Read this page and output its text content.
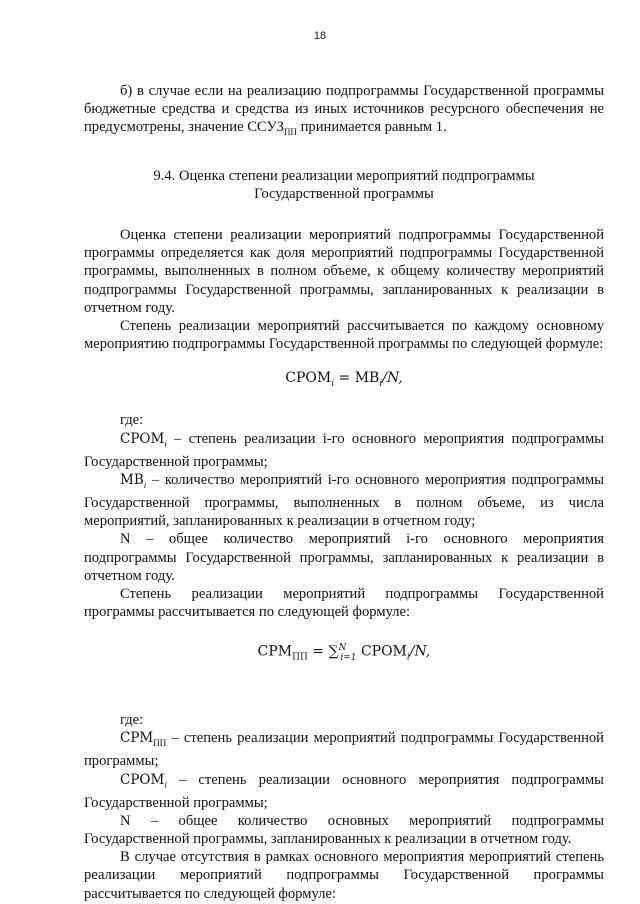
18

б) в случае если на реализацию подпрограммы Государственной программы бюджетные средства и средства из иных источников ресурсного обеспечения не предусмотрены, значение $ССУЗ_{ПП}$ принимается равным 1.

9.4. Оценка степени реализации мероприятий подпрограммы
Государственной программы

Оценка степени реализации мероприятий подпрограммы Государственной программы определяется как доля мероприятий подпрограммы Государственной программы, выполненных в полном объеме, к общему количеству мероприятий подпрограммы Государственной программы, запланированных к реализации в отчетном году.

Степень реализации мероприятий рассчитывается по каждому основному мероприятию подпрограммы Государственной программы по следующей формуле:

$СРОМ_i = МВ_i/N$,

где:

$СРОМ_i$ – степень реализации i-го основного мероприятия подпрограммы Государственной программы;

$МВ_i$ – количество мероприятий i-го основного мероприятия подпрограммы Государственной программы, выполненных в полном объеме, из числа мероприятий, запланированных к реализации в отчетном году;

N – общее количество мероприятий i-го основного мероприятия подпрограммы Государственной программы, запланированных к реализации в отчетном году.

Степень реализации мероприятий подпрограммы Государственной программы рассчитывается по следующей формуле:

$СРМ_{ПП} = \sum^N_{i=1}$ $СРОМ_i/N$,

где:

$СРМ_{ПП}$ – степень реализации мероприятий подпрограммы Государственной программы;

$СРОМ_i$ – степень реализации основного мероприятия подпрограммы Государственной программы;

N – общее количество основных мероприятий подпрограммы Государственной программы, запланированных к реализации в отчетном году.

В случае отсутствия в рамках основного мероприятия мероприятий степень реализации мероприятий подпрограммы Государственной программы рассчитывается по следующей формуле:
